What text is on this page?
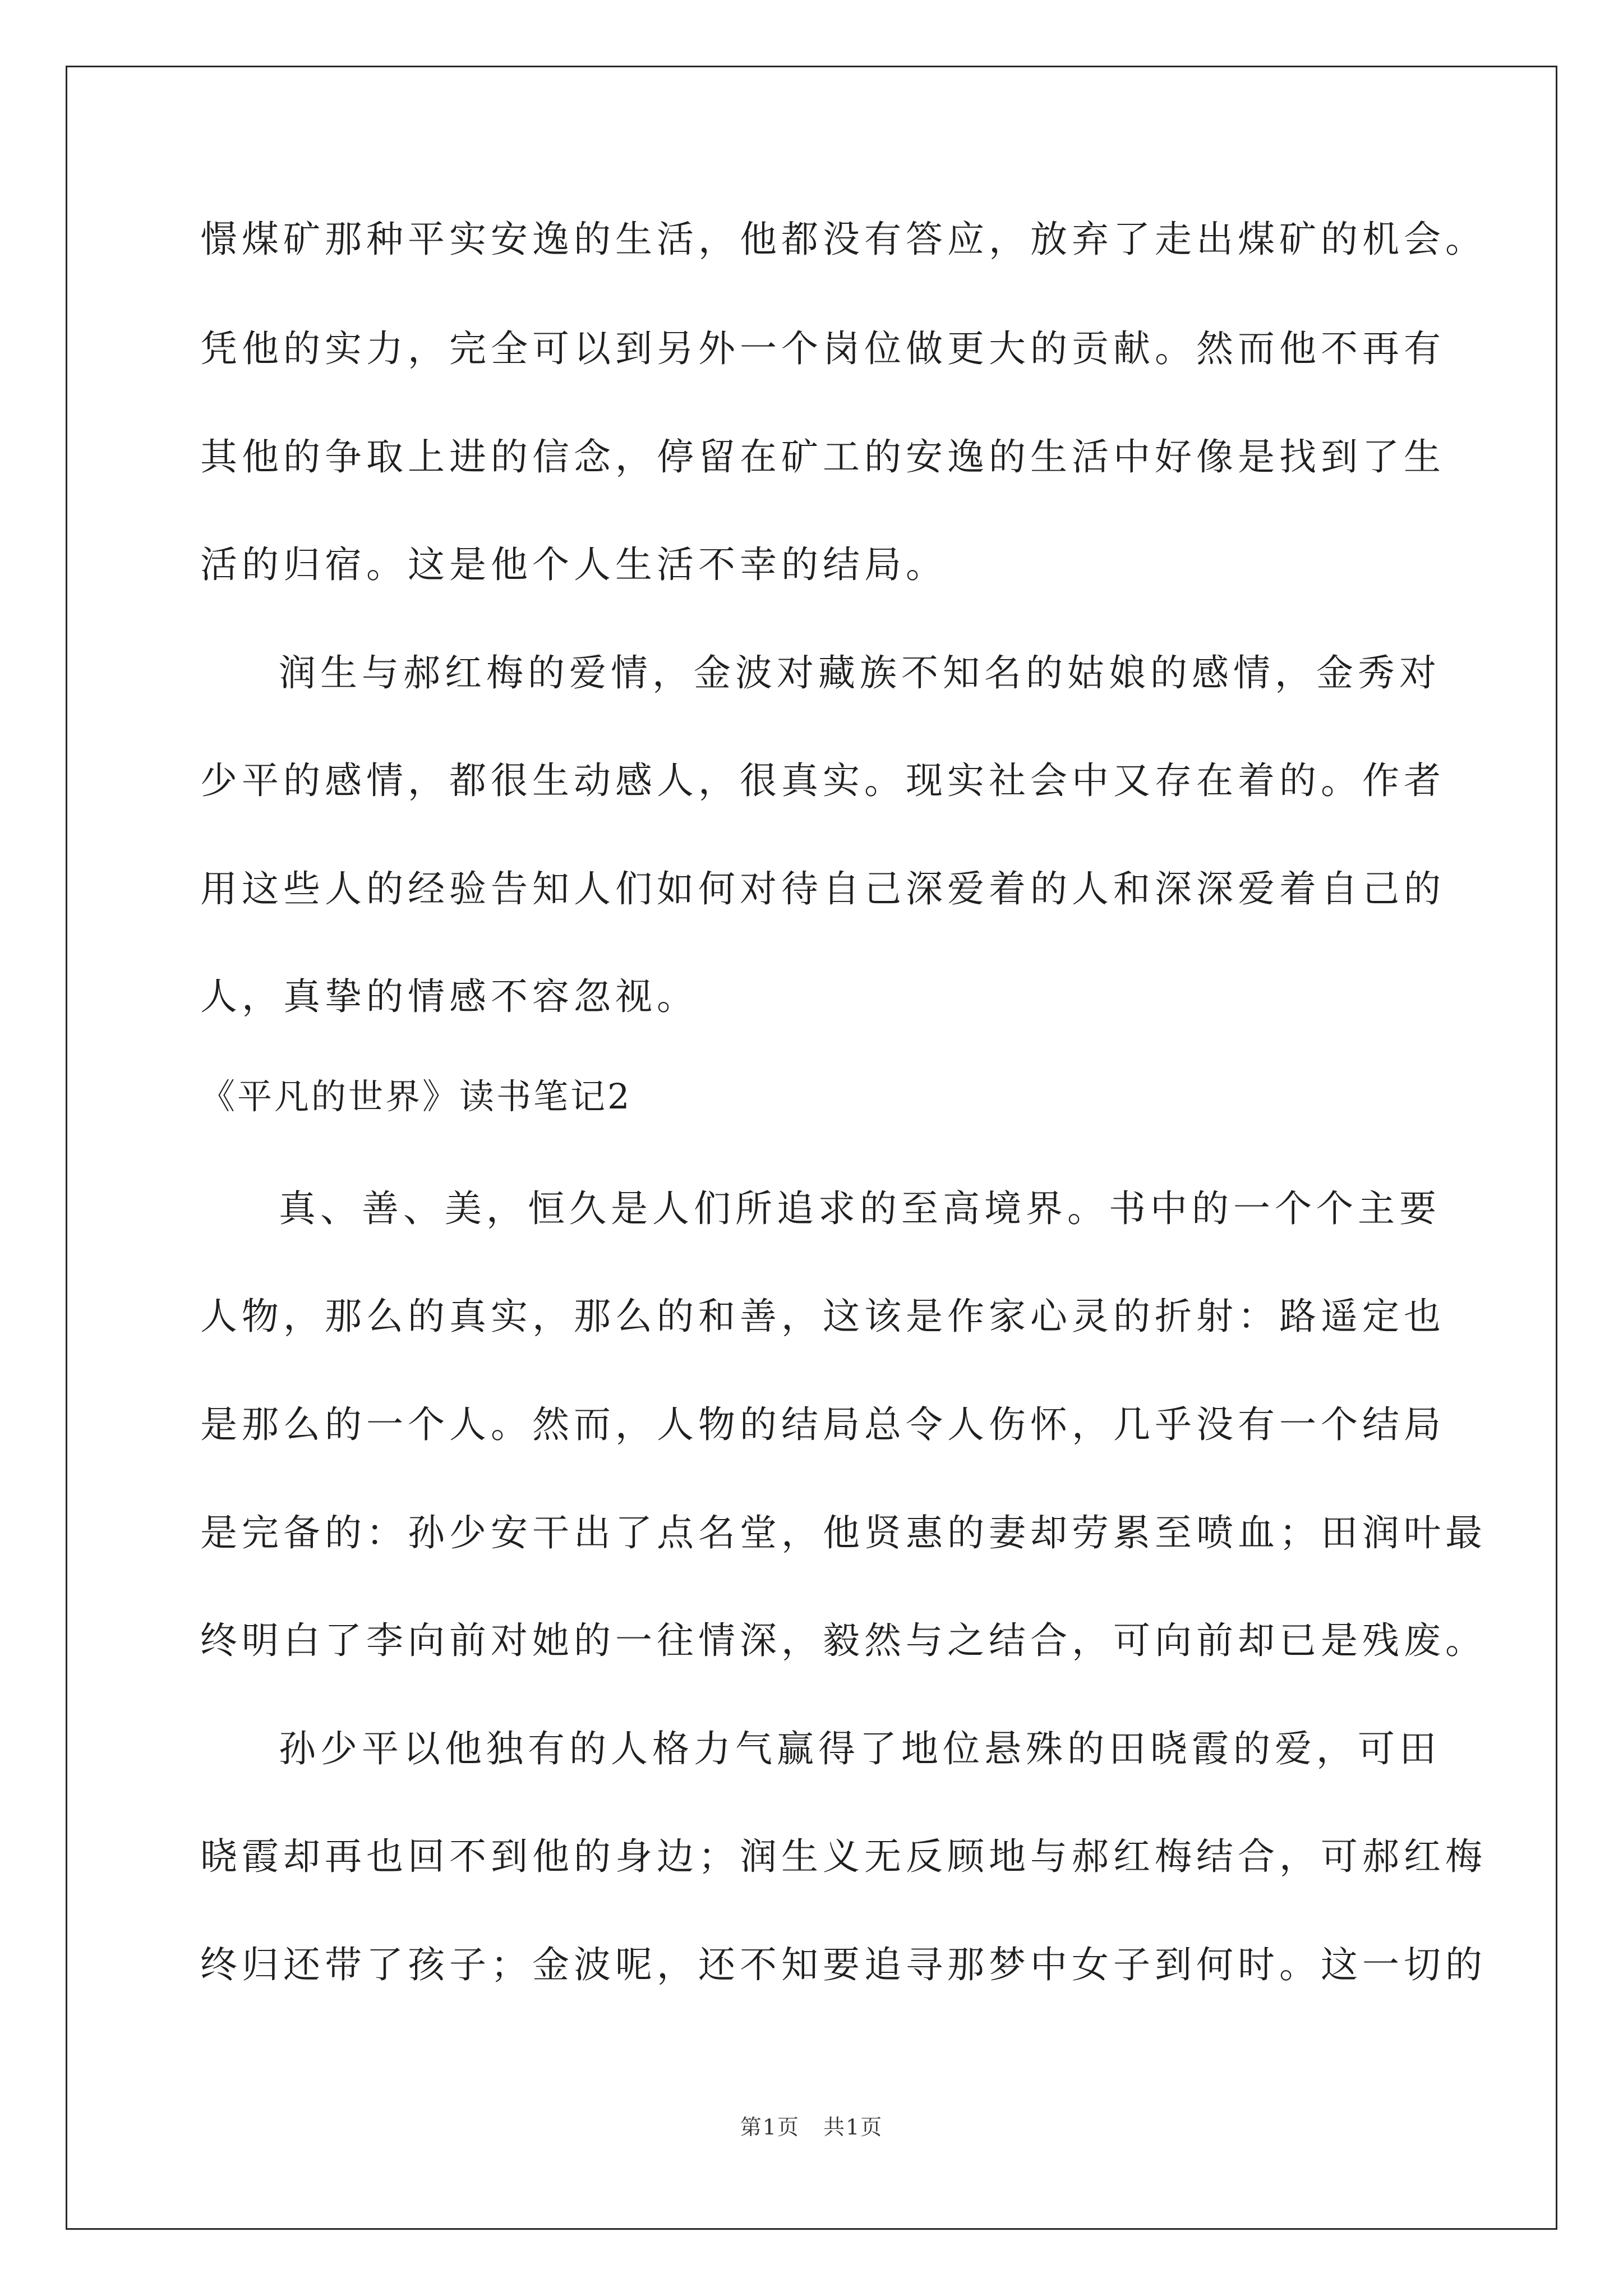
憬煤矿那种平实安逸的生活，他都没有答应，放弃了走出煤矿的机会。
凭他的实力，完全可以到另外一个岗位做更大的贡献。然而他不再有
其他的争取上进的信念，停留在矿工的安逸的生活中好像是找到了生
活的归宿。这是他个人生活不幸的结局。
润生与郝红梅的爱情，金波对藏族不知名的姑娘的感情，金秀对
少平的感情，都很生动感人，很真实。现实社会中又存在着的。作者
用这些人的经验告知人们如何对待自己深爱着的人和深深爱着自己的
人，真挚的情感不容忽视。
《平凡的世界》读书笔记2
真、善、美，恒久是人们所追求的至高境界。书中的一个个主要
人物，那么的真实，那么的和善，这该是作家心灵的折射：路遥定也
是那么的一个人。然而，人物的结局总令人伤怀，几乎没有一个结局
是完备的：孙少安干出了点名堂，他贤惠的妻却劳累至喷血；田润叶最
终明白了李向前对她的一往情深，毅然与之结合，可向前却已是残废。
孙少平以他独有的人格力气赢得了地位悬殊的田晓霞的爱，可田
晓霞却再也回不到他的身边；润生义无反顾地与郝红梅结合，可郝红梅
终归还带了孩子；金波呢，还不知要追寻那梦中女子到何时。这一切的
第1页 共1页
